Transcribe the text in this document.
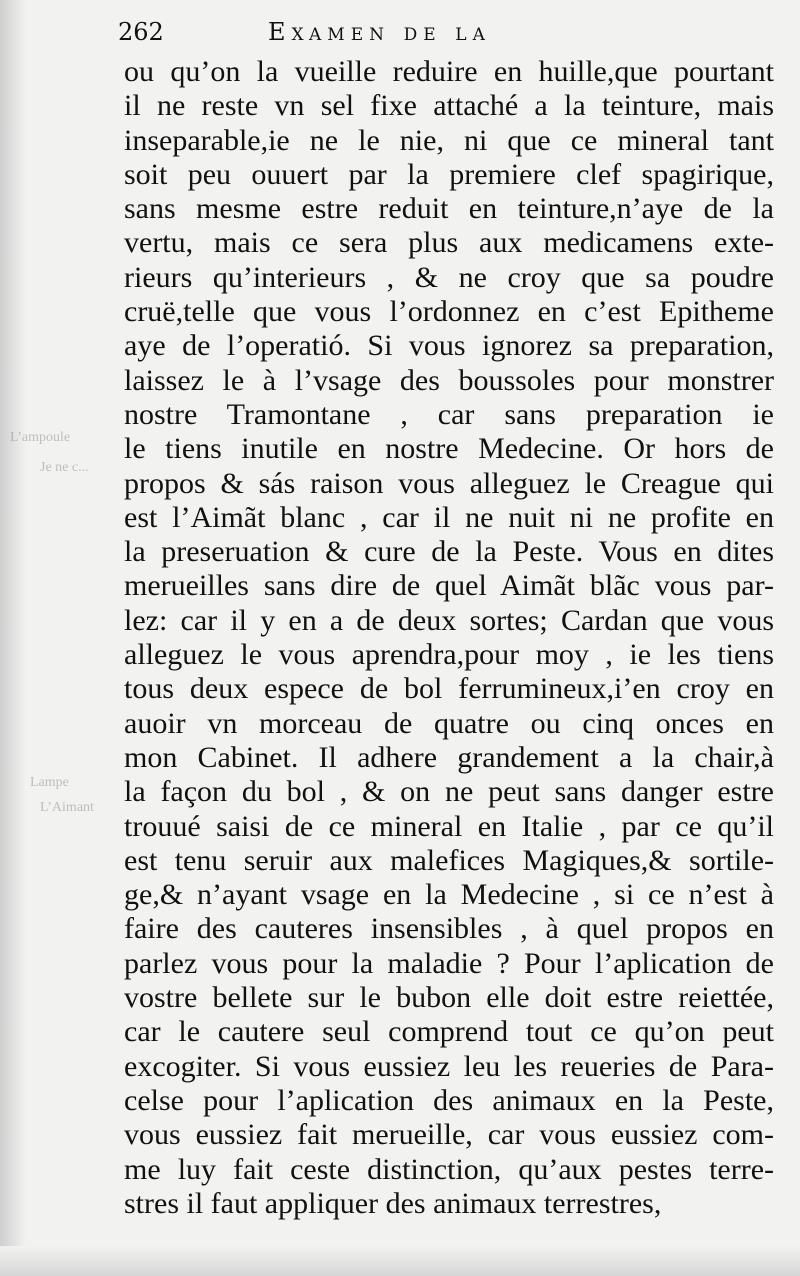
L’ampoule
Je ne c...
Lampe
L’Aimant
262	Examen de la
ou qu’on la vueille reduire en huille,que pourtant
il ne reste vn sel fixe attaché a la teinture, mais
inseparable,ie ne le nie, ni que ce mineral tant
soit peu ouuert par la premiere clef spagirique,
sans mesme estre reduit en teinture,n’aye de la
vertu, mais ce sera plus aux medicamens exte-
rieurs qu’interieurs , & ne croy que sa poudre
cruë,telle que vous l’ordonnez en c’est Epitheme
aye de l’operatió. Si vous ignorez sa preparation,
laissez le à l’vsage des boussoles pour monstrer
nostre Tramontane , car sans preparation ie
le tiens inutile en nostre Medecine. Or hors de
propos & sás raison vous alleguez le Creague qui
est l’Aimãt blanc , car il ne nuit ni ne profite en
la preseruation & cure de la Peste. Vous en dites
merueilles sans dire de quel Aimãt blãc vous par-
lez: car il y en a de deux sortes; Cardan que vous
alleguez le vous aprendra,pour moy , ie les tiens
tous deux espece de bol ferrumineux,i’en croy en
auoir vn morceau de quatre ou cinq onces en
mon Cabinet. Il adhere grandement a la chair,à
la façon du bol , & on ne peut sans danger estre
trouué saisi de ce mineral en Italie , par ce qu’il
est tenu seruir aux malefices Magiques,& sortile-
ge,& n’ayant vsage en la Medecine , si ce n’est à
faire des cauteres insensibles , à quel propos en
parlez vous pour la maladie ? Pour l’aplication de
vostre bellete sur le bubon elle doit estre reiettée,
car le cautere seul comprend tout ce qu’on peut
excogiter. Si vous eussiez leu les reueries de Para-
celse pour l’aplication des animaux en la Peste,
vous eussiez fait merueille, car vous eussiez com-
me luy fait ceste distinction, qu’aux pestes terre-
stres il faut appliquer des animaux terrestres,
